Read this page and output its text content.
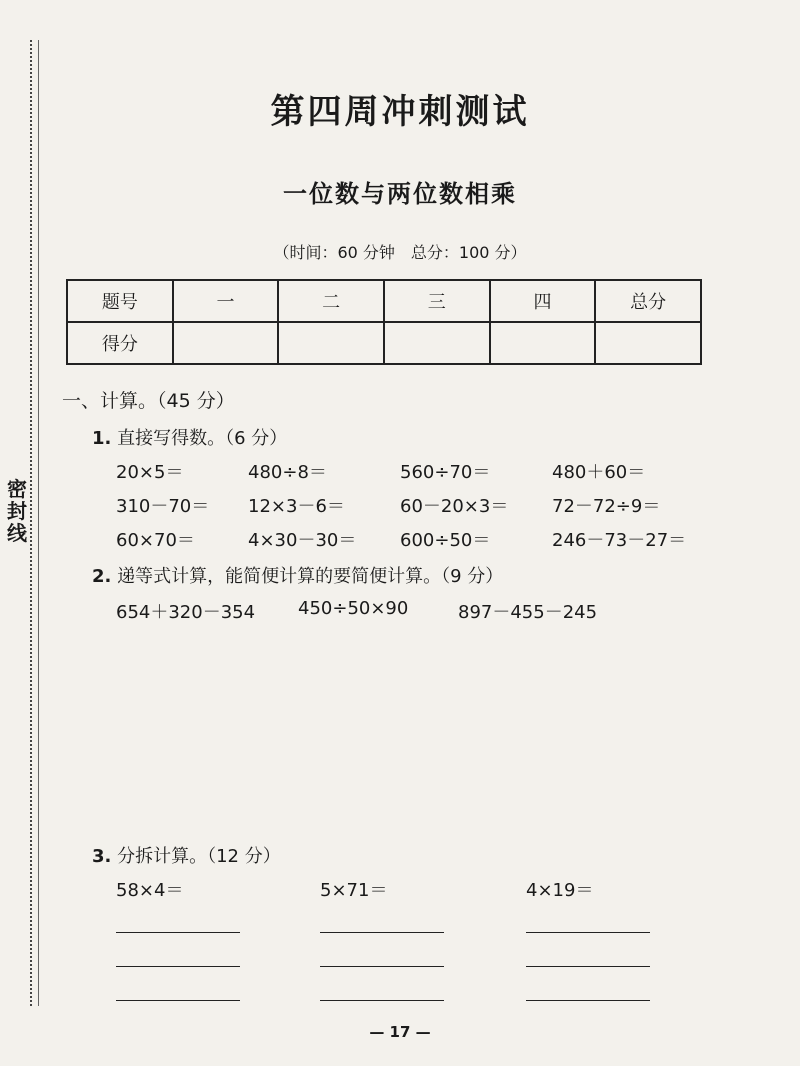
密封线
第四周冲刺测试
一位数与两位数相乘
（时间：60 分钟　总分：100 分）
题号	一	二	三	四	总分
得分					
一、计算。（45 分）
1. 直接写得数。（6 分）
20×5＝	480÷8＝	560÷70＝	480＋60＝
310－70＝ 12×3－6＝	60－20×3＝ 72－72÷9＝
60×70＝	4×30－30＝ 600÷50＝	246－73－27＝
2. 递等式计算，能简便计算的要简便计算。（9 分）
654＋320－354 450÷50×90	897－455－245
3. 分拆计算。（12 分）
58×4＝	5×71＝	4×19＝
— 17 —
